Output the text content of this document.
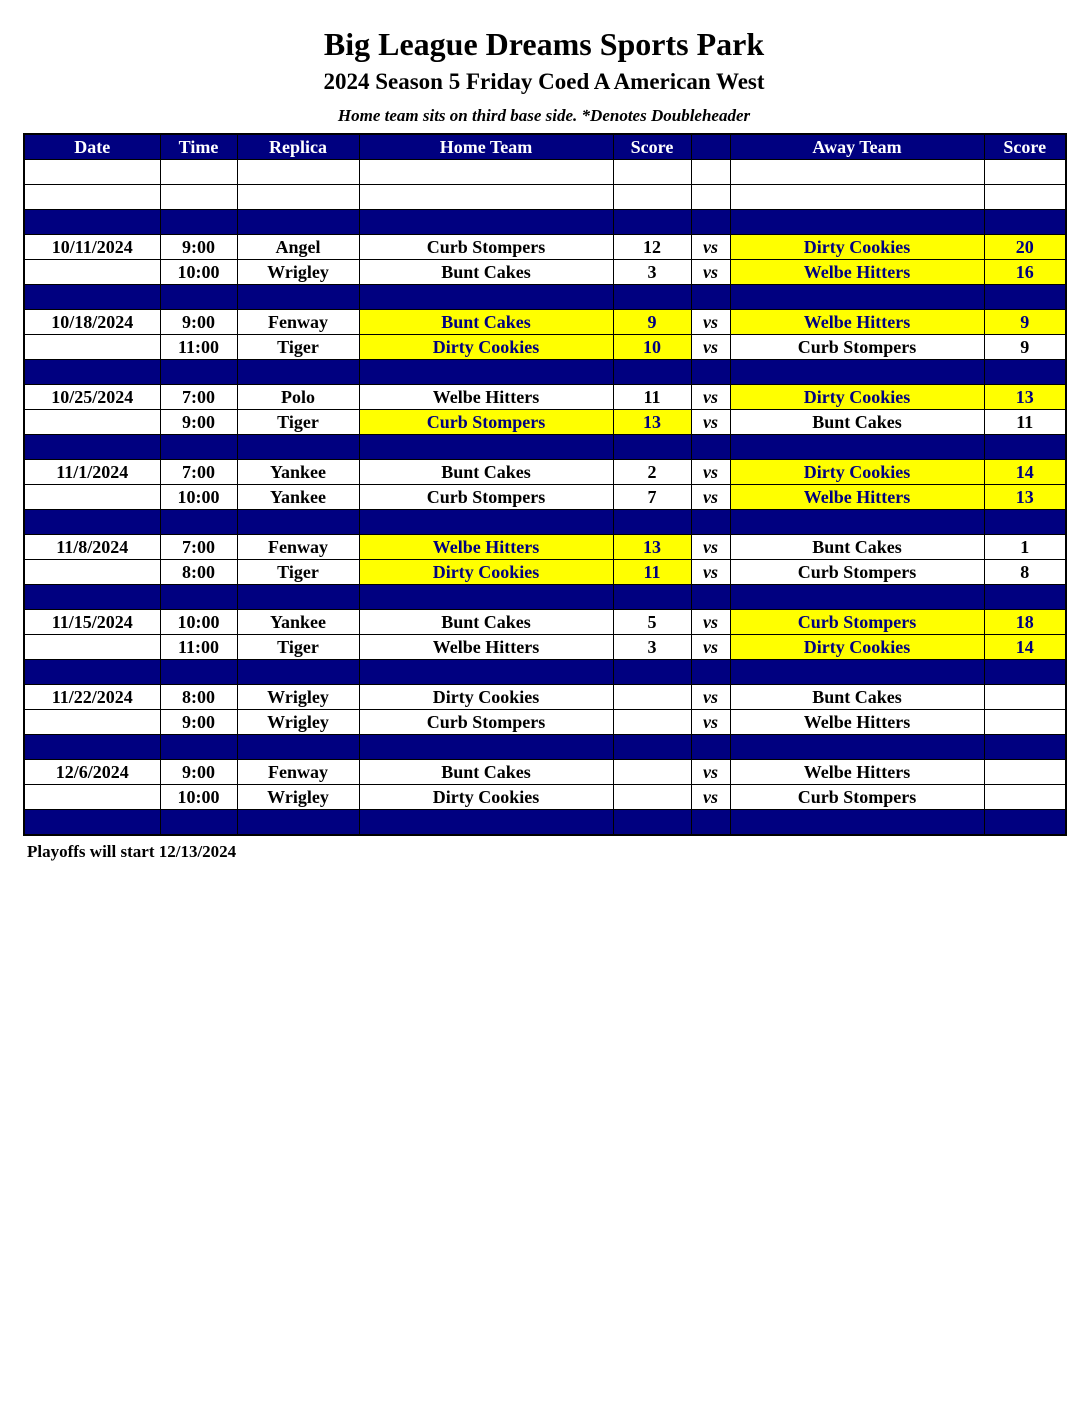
Big League Dreams Sports Park
2024 Season 5 Friday Coed A American West
Home team sits on third base side. *Denotes Doubleheader
Date	Time	Replica	Home Team	Score		Away Team	Score

10/11/2024	9:00	Angel	Curb Stompers	12	vs	Dirty Cookies	20
	10:00	Wrigley	Bunt Cakes	3	vs	Welbe Hitters	16

10/18/2024	9:00	Fenway	Bunt Cakes	9	vs	Welbe Hitters	9
	11:00	Tiger	Dirty Cookies	10	vs	Curb Stompers	9

10/25/2024	7:00	Polo	Welbe Hitters	11	vs	Dirty Cookies	13
	9:00	Tiger	Curb Stompers	13	vs	Bunt Cakes	11

11/1/2024	7:00	Yankee	Bunt Cakes	2	vs	Dirty Cookies	14
	10:00	Yankee	Curb Stompers	7	vs	Welbe Hitters	13

11/8/2024	7:00	Fenway	Welbe Hitters	13	vs	Bunt Cakes	1
	8:00	Tiger	Dirty Cookies	11	vs	Curb Stompers	8

11/15/2024	10:00	Yankee	Bunt Cakes	5	vs	Curb Stompers	18
	11:00	Tiger	Welbe Hitters	3	vs	Dirty Cookies	14

11/22/2024	8:00	Wrigley	Dirty Cookies		vs	Bunt Cakes	
	9:00	Wrigley	Curb Stompers		vs	Welbe Hitters	

12/6/2024	9:00	Fenway	Bunt Cakes		vs	Welbe Hitters	
	10:00	Wrigley	Dirty Cookies		vs	Curb Stompers	

Playoffs will start 12/13/2024
